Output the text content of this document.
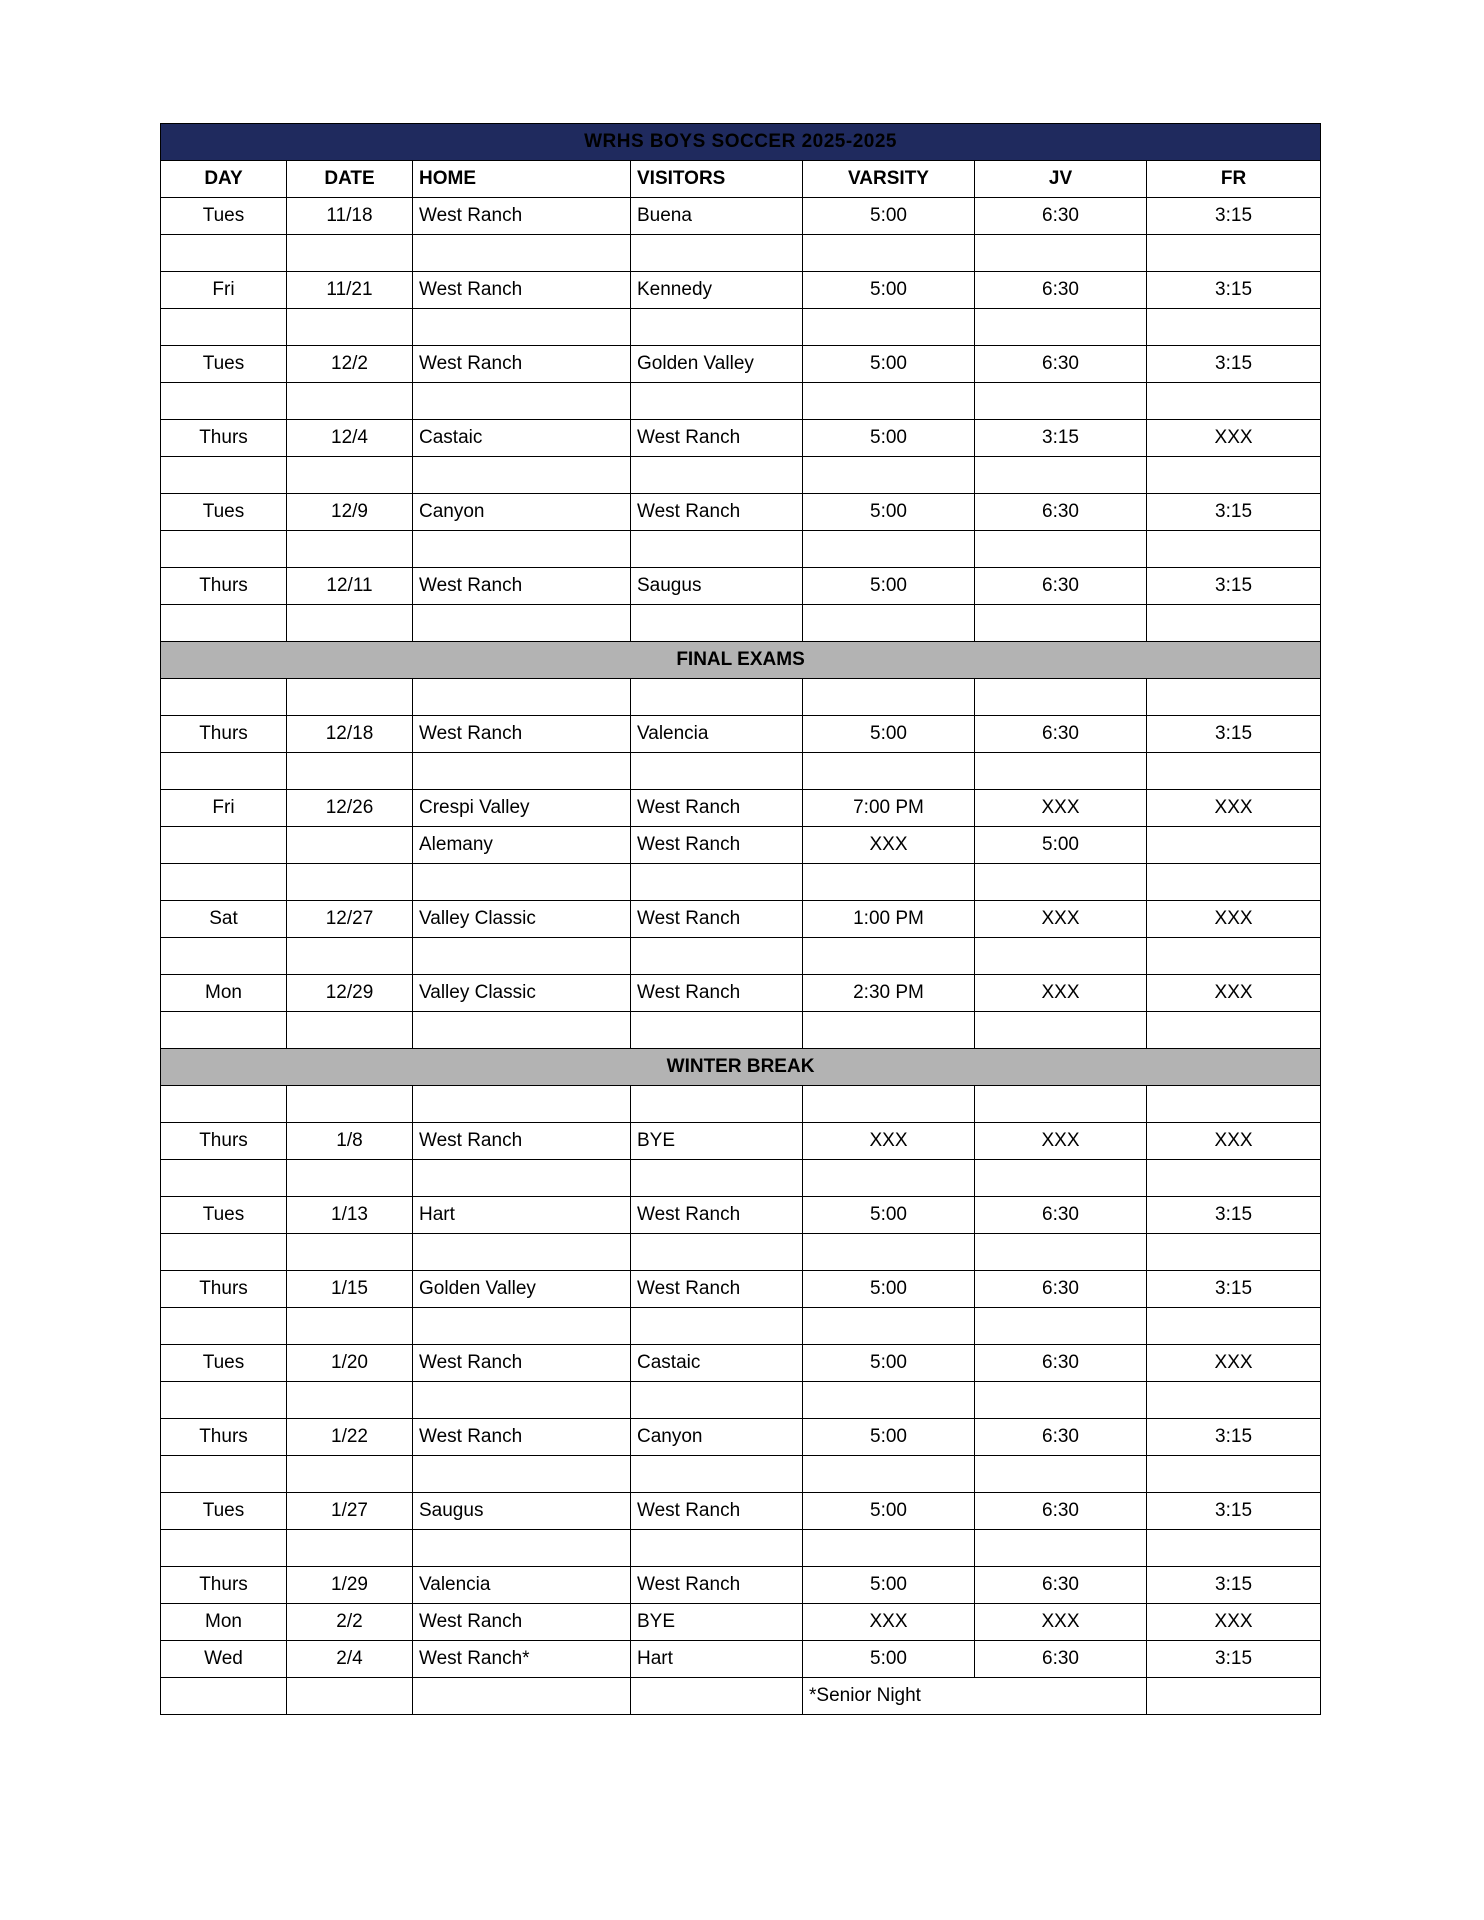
WRHS BOYS SOCCER 2025-2025						
DAY	DATE	HOME	VISITORS	VARSITY	JV	FR
Tues	11/18	West Ranch	Buena	5:00	6:30	3:15

Fri	11/21	West Ranch	Kennedy	5:00	6:30	3:15

Tues	12/2	West Ranch	Golden Valley	5:00	6:30	3:15

Thurs	12/4	Castaic	West Ranch	5:00	3:15	XXX

Tues	12/9	Canyon	West Ranch	5:00	6:30	3:15

Thurs	12/11	West Ranch	Saugus	5:00	6:30	3:15

FINAL EXAMS						

Thurs	12/18	West Ranch	Valencia	5:00	6:30	3:15

Fri	12/26	Crespi Valley	West Ranch	7:00 PM	XXX	XXX
		Alemany	West Ranch	XXX	5:00	

Sat	12/27	Valley Classic	West Ranch	1:00 PM	XXX	XXX

Mon	12/29	Valley Classic	West Ranch	2:30 PM	XXX	XXX

WINTER BREAK						

Thurs	1/8	West Ranch	BYE	XXX	XXX	XXX

Tues	1/13	Hart	West Ranch	5:00	6:30	3:15

Thurs	1/15	Golden Valley	West Ranch	5:00	6:30	3:15

Tues	1/20	West Ranch	Castaic	5:00	6:30	XXX

Thurs	1/22	West Ranch	Canyon	5:00	6:30	3:15

Tues	1/27	Saugus	West Ranch	5:00	6:30	3:15

Thurs	1/29	Valencia	West Ranch	5:00	6:30	3:15
Mon	2/2	West Ranch	BYE	XXX	XXX	XXX
Wed	2/4	West Ranch*	Hart	5:00	6:30	3:15
				*Senior Night		
